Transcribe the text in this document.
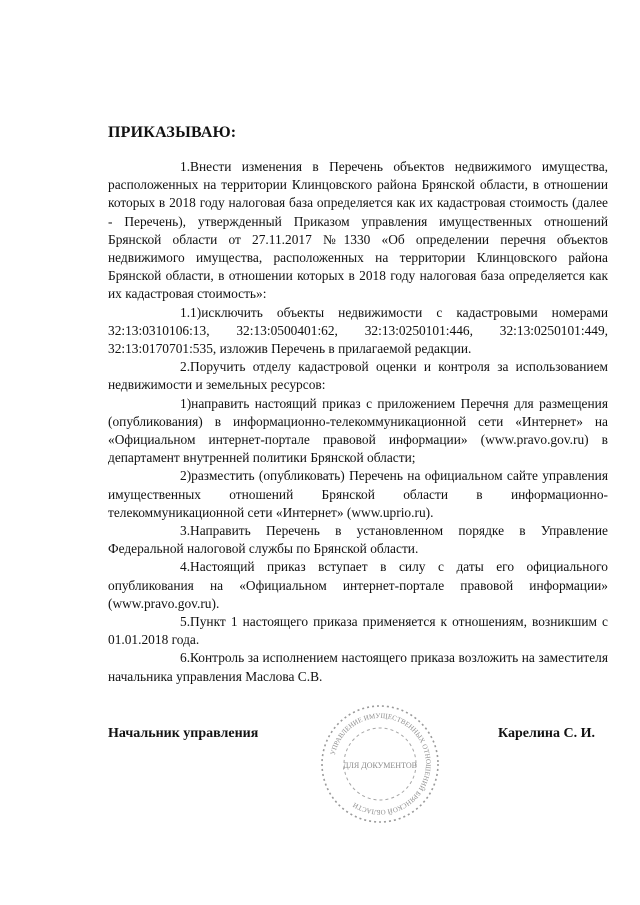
ПРИКАЗЫВАЮ:

1.Внести изменения в Перечень объектов недвижимого имущества, расположенных на территории Клинцовского района Брянской области, в отношении которых в 2018 году налоговая база определяется как их кадастровая стоимость (далее - Перечень), утвержденный Приказом управления имущественных отношений Брянской области от 27.11.2017 №1330 «Об определении перечня объектов недвижимого имущества, расположенных на территории Клинцовского района Брянской области, в отношении которых в 2018 году налоговая база определяется как их кадастровая стоимость»:

1.1)исключить объекты недвижимости с кадастровыми номерами 32:13:0310106:13, 32:13:0500401:62, 32:13:0250101:446, 32:13:0250101:449, 32:13:0170701:535, изложив Перечень в прилагаемой редакции.

2.Поручить отделу кадастровой оценки и контроля за использованием недвижимости и земельных ресурсов:

1)направить настоящий приказ с приложением Перечня для размещения (опубликования) в информационно-телекоммуникационной сети «Интернет» на «Официальном интернет-портале правовой информации» (www.pravo.gov.ru) в департамент внутренней политики Брянской области;

2)разместить (опубликовать) Перечень на официальном сайте управления имущественных отношений Брянской области в информационно-телекоммуникационной сети «Интернет» (www.uprio.ru).

3.Направить Перечень в установленном порядке в Управление Федеральной налоговой службы по Брянской области.

4.Настоящий приказ вступает в силу с даты его официального опубликования на «Официальном интернет-портале правовой информации» (www.pravo.gov.ru).

5.Пункт 1 настоящего приказа применяется к отношениям, возникшим с 01.01.2018 года.

6.Контроль за исполнением настоящего приказа возложить на заместителя начальника управления Маслова С.В.

Начальник управления	Карелина С. И.
УПРАВЛЕНИЕ ИМУЩЕСТВЕННЫХ ОТНОШЕНИЙ БРЯНСКОЙ ОБЛАСТИ
ДЛЯ ДОКУМЕНТОВ
